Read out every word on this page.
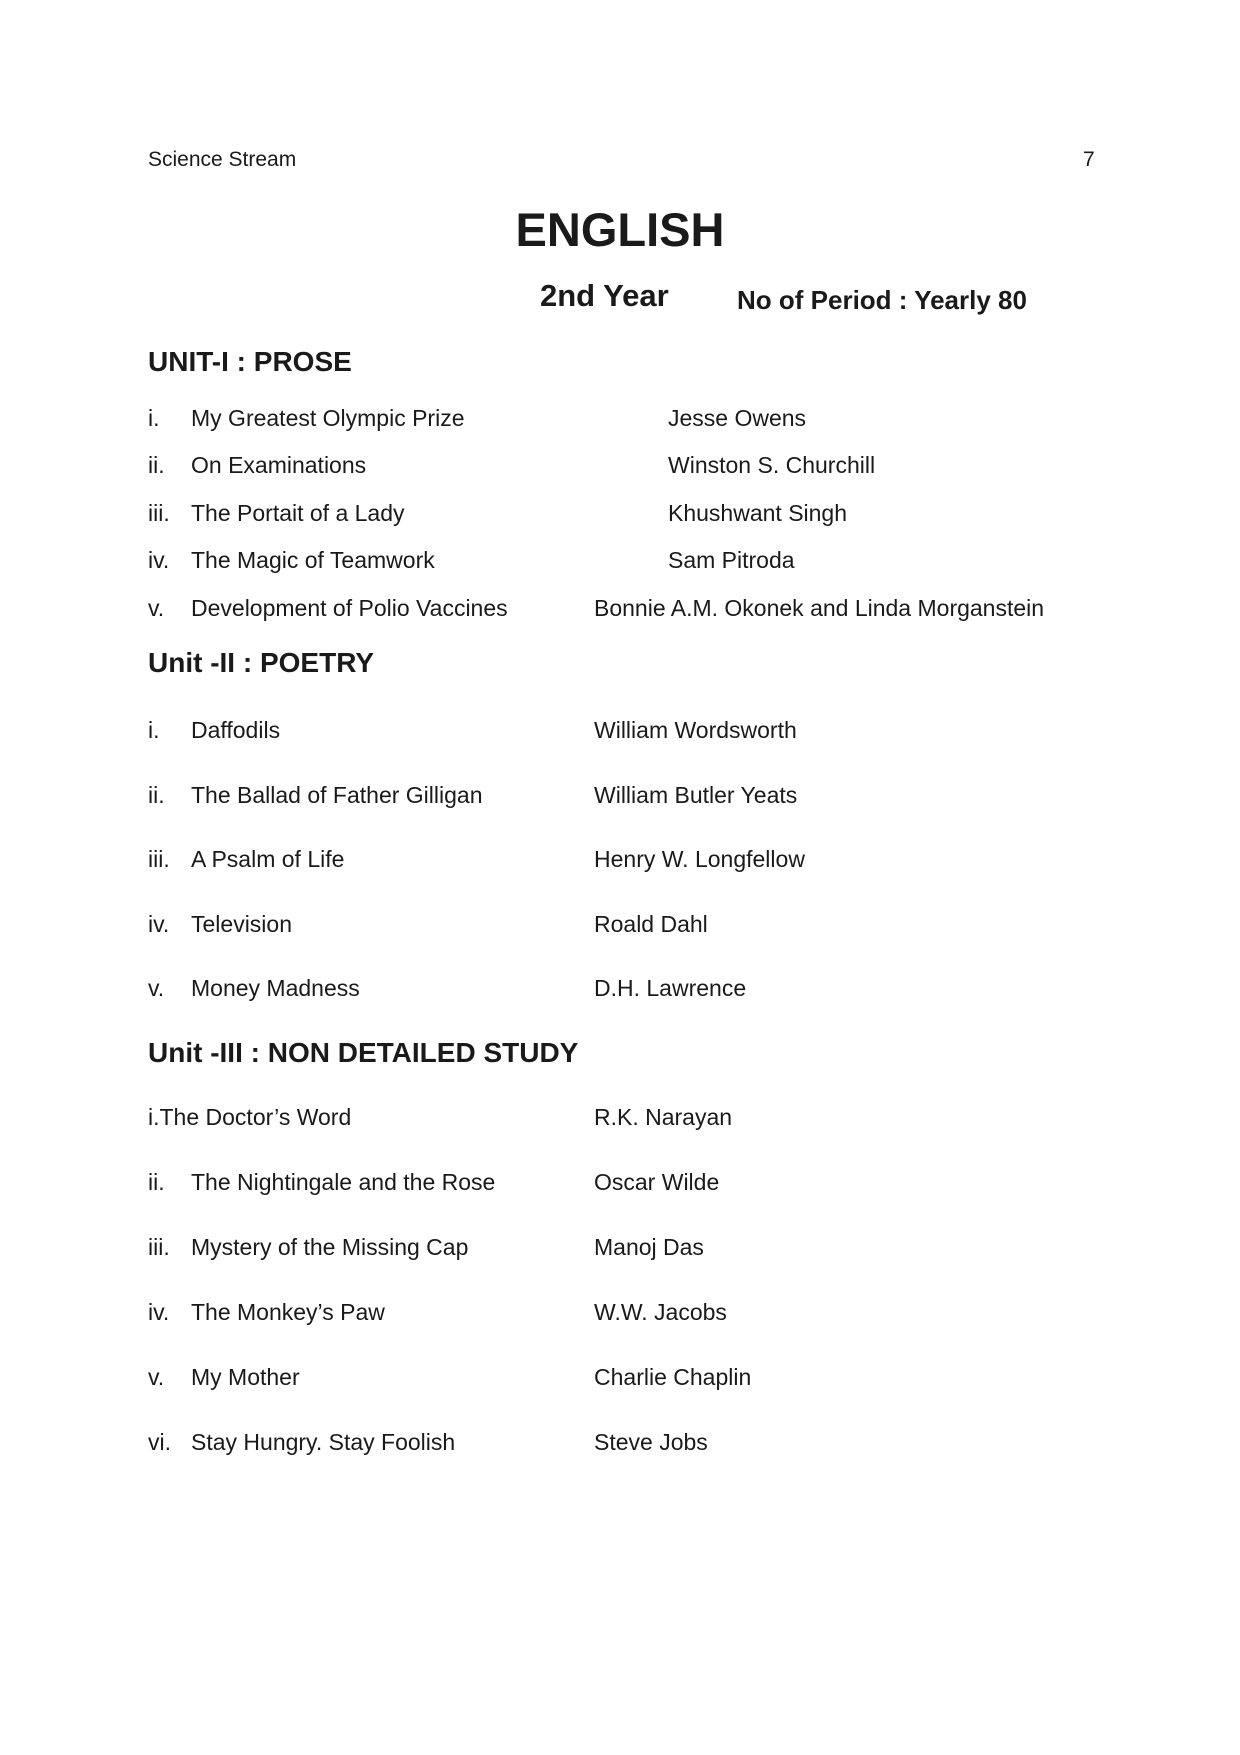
Science Stream	7
ENGLISH
2nd Year	No of Period : Yearly 80
UNIT-I : PROSE
i. My Greatest Olympic Prize	Jesse Owens
ii. On Examinations	Winston S. Churchill
iii. The Portait of a Lady	Khushwant Singh
iv. The Magic of Teamwork	Sam Pitroda
v. Development of Polio Vaccines	Bonnie A.M. Okonek and Linda Morganstein
Unit -II : POETRY
i. Daffodils	William Wordsworth
ii. The Ballad of Father Gilligan	William Butler Yeats
iii. A Psalm of Life	Henry W. Longfellow
iv. Television	Roald Dahl
v. Money Madness	D.H. Lawrence
Unit -III : NON DETAILED STUDY
i.The Doctor’s Word	R.K. Narayan
ii. The Nightingale and the Rose	Oscar Wilde
iii. Mystery of the Missing Cap	Manoj Das
iv. The Monkey’s Paw	W.W. Jacobs
v. My Mother	Charlie Chaplin
vi. Stay Hungry. Stay Foolish	Steve Jobs
